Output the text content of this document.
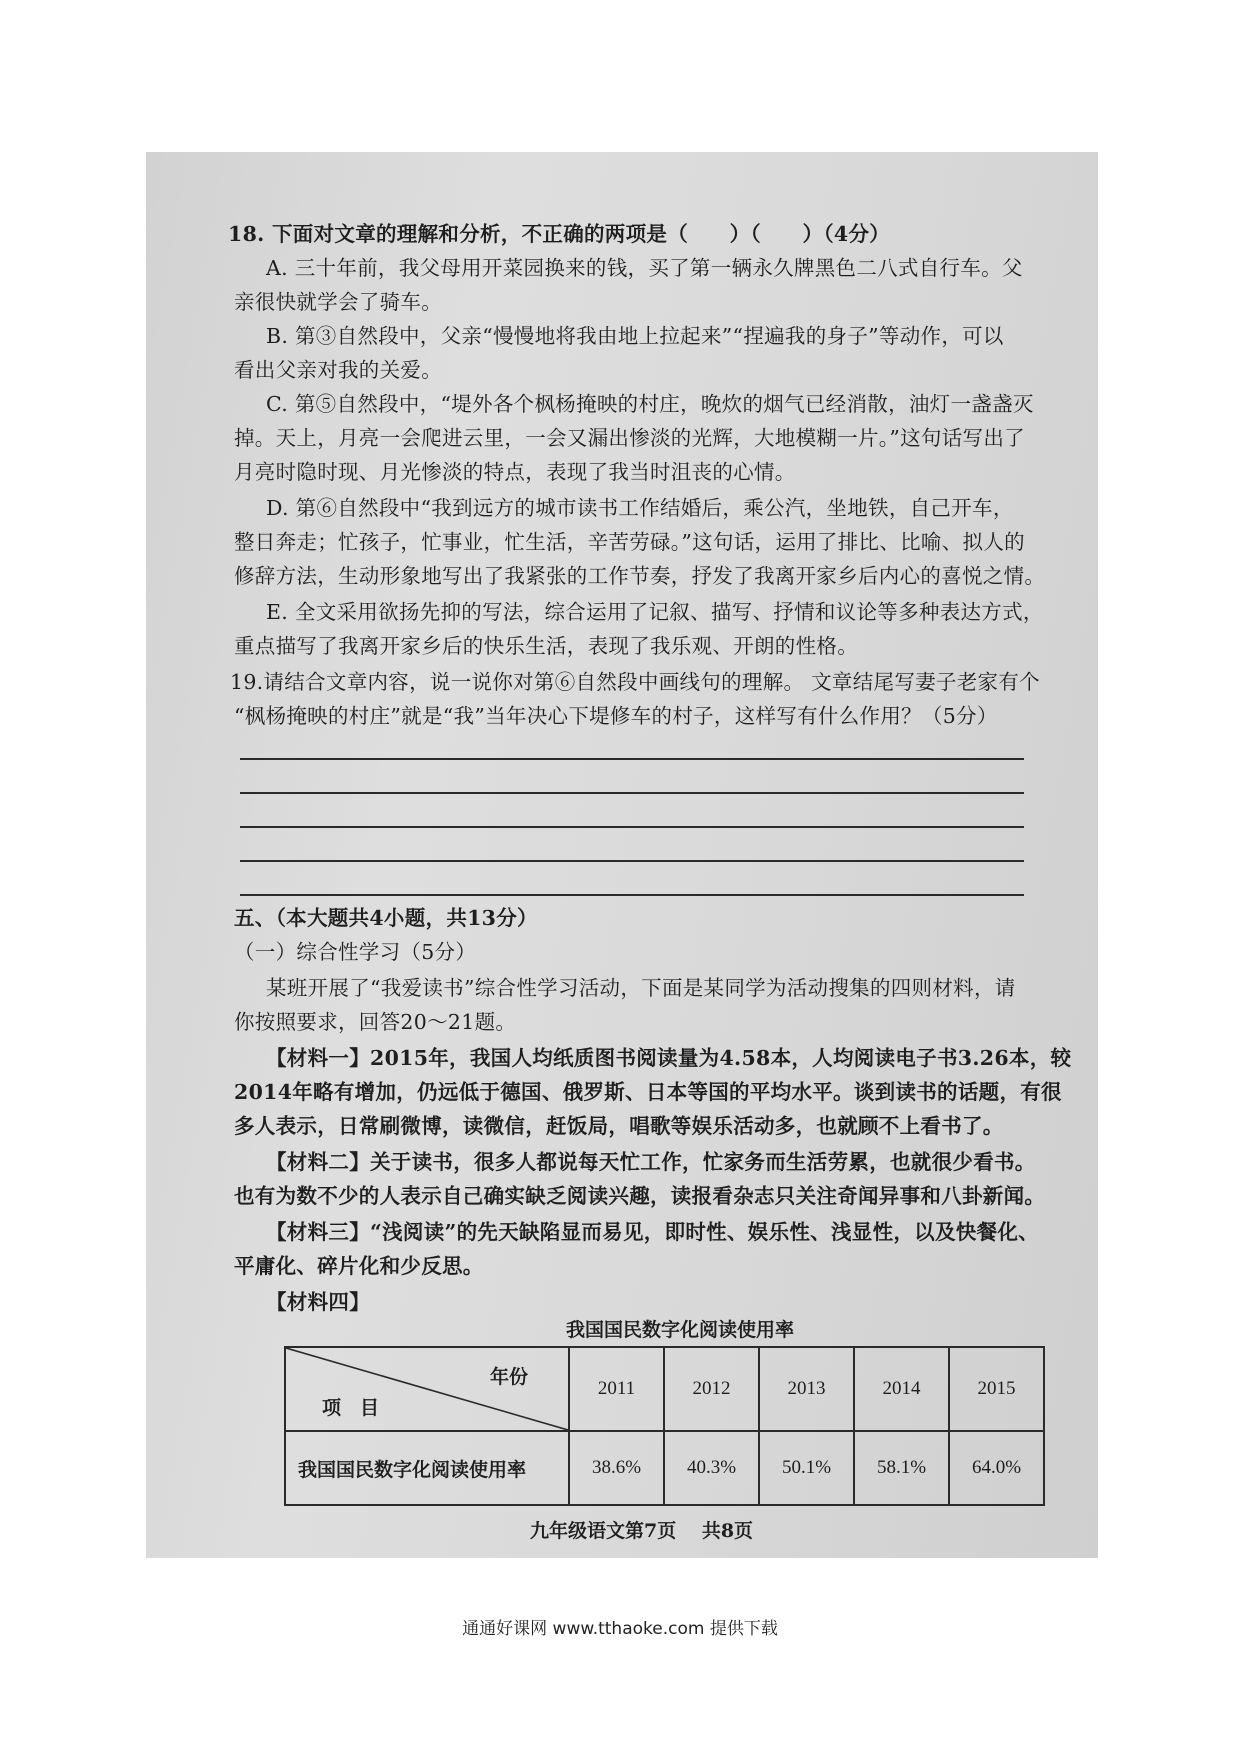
18. 下面对文章的理解和分析，不正确的两项是（　　）（　　）（4分）

A. 三十年前，我父母用开菜园换来的钱，买了第一辆永久牌黑色二八式自行车。父

亲很快就学会了骑车。

B. 第③自然段中，父亲“慢慢地将我由地上拉起来”“捏遍我的身子”等动作，可以

看出父亲对我的关爱。

C. 第⑤自然段中，“堤外各个枫杨掩映的村庄，晚炊的烟气已经消散，油灯一盏盏灭

掉。天上，月亮一会爬进云里，一会又漏出惨淡的光辉，大地模糊一片。”这句话写出了

月亮时隐时现、月光惨淡的特点，表现了我当时沮丧的心情。

D. 第⑥自然段中“我到远方的城市读书工作结婚后，乘公汽，坐地铁，自己开车，

整日奔走；忙孩子，忙事业，忙生活，辛苦劳碌。”这句话，运用了排比、比喻、拟人的

修辞方法，生动形象地写出了我紧张的工作节奏，抒发了我离开家乡后内心的喜悦之情。

E. 全文采用欲扬先抑的写法，综合运用了记叙、描写、抒情和议论等多种表达方式，

重点描写了我离开家乡后的快乐生活，表现了我乐观、开朗的性格。

19.请结合文章内容，说一说你对第⑥自然段中画线句的理解。 文章结尾写妻子老家有个

“枫杨掩映的村庄”就是“我”当年决心下堤修车的村子，这样写有什么作用？（5分）

五、（本大题共4小题，共13分）

（一）综合性学习（5分）

某班开展了“我爱读书”综合性学习活动，下面是某同学为活动搜集的四则材料，请

你按照要求，回答20～21题。

【材料一】2015年，我国人均纸质图书阅读量为4.58本，人均阅读电子书3.26本，较

2014年略有增加，仍远低于德国、俄罗斯、日本等国的平均水平。谈到读书的话题，有很

多人表示，日常刷微博，读微信，赶饭局，唱歌等娱乐活动多，也就顾不上看书了。

【材料二】关于读书，很多人都说每天忙工作，忙家务而生活劳累，也就很少看书。

也有为数不少的人表示自己确实缺乏阅读兴趣，读报看杂志只关注奇闻异事和八卦新闻。

【材料三】“浅阅读”的先天缺陷显而易见，即时性、娱乐性、浅显性，以及快餐化、

平庸化、碎片化和少反思。

【材料四】

我国国民数字化阅读使用率

年份
项　目	2011	2012	2013	2014	2015
我国国民数字化阅读使用率	38.6%	40.3%	50.1%	58.1%	64.0%

九年级语文第7页　 共8页

通通好课网 www.tthaoke.com 提供下载
